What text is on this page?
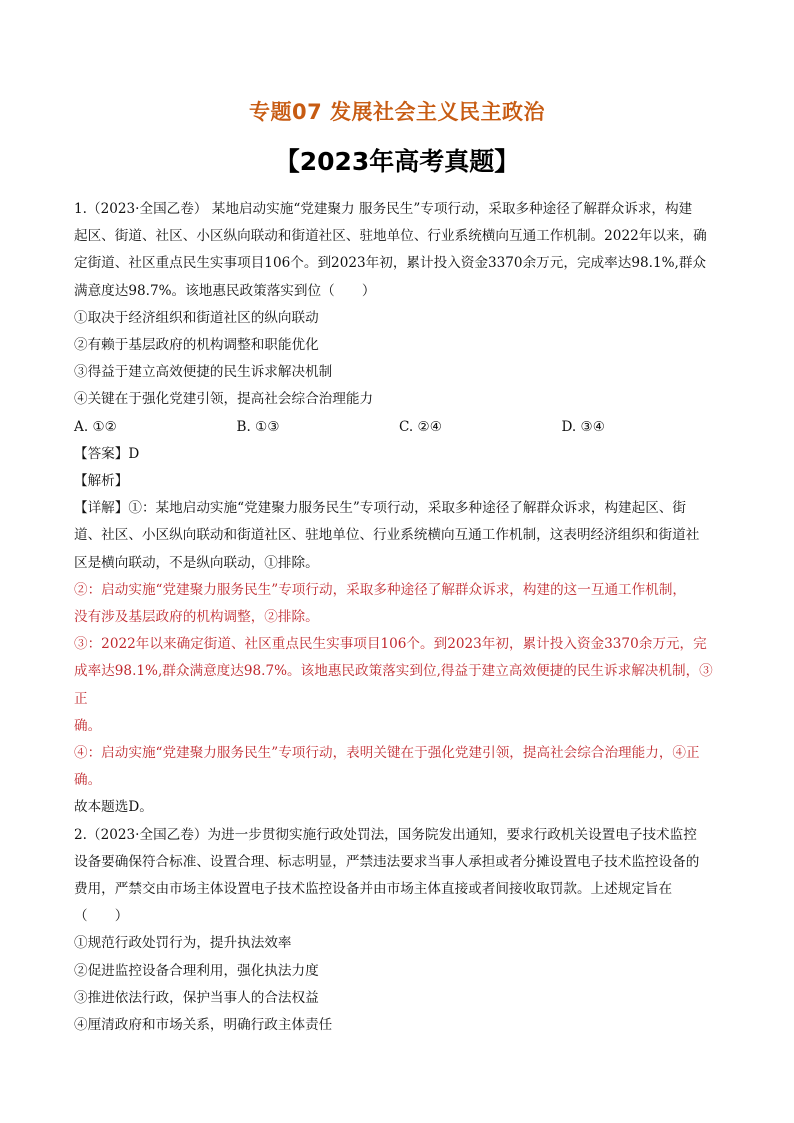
专题07 发展社会主义民主政治
【2023年高考真题】

1.（2023·全国乙卷） 某地启动实施“党建聚力 服务民生”专项行动，采取多种途径了解群众诉求，构建

起区、街道、社区、小区纵向联动和街道社区、驻地单位、行业系统横向互通工作机制。2022年以来，确

定街道、社区重点民生实事项目106个。到2023年初，累计投入资金3370余万元，完成率达98.1%,群众

满意度达98.7%。该地惠民政策落实到位（　　）

①取决于经济组织和街道社区的纵向联动

②有赖于基层政府的机构调整和职能优化

③得益于建立高效便捷的民生诉求解决机制

④关键在于强化党建引领，提高社会综合治理能力

A. ①②	B. ①③	C. ②④	D. ③④

【答案】D

【解析】

【详解】①：某地启动实施“党建聚力服务民生”专项行动，采取多种途径了解群众诉求，构建起区、街

道、社区、小区纵向联动和街道社区、驻地单位、行业系统横向互通工作机制，这表明经济组织和街道社

区是横向联动，不是纵向联动，①排除。

②：启动实施“党建聚力服务民生”专项行动，采取多种途径了解群众诉求，构建的这一互通工作机制，

没有涉及基层政府的机构调整，②排除。

③：2022年以来确定街道、社区重点民生实事项目106个。到2023年初，累计投入资金3370余万元，完

成率达98.1%,群众满意度达98.7%。该地惠民政策落实到位,得益于建立高效便捷的民生诉求解决机制，③正

确。

④：启动实施“党建聚力服务民生”专项行动，表明关键在于强化党建引领，提高社会综合治理能力，④正

确。

故本题选D。

2.（2023·全国乙卷）为进一步贯彻实施行政处罚法，国务院发出通知，要求行政机关设置电子技术监控

设备要确保符合标准、设置合理、标志明显，严禁违法要求当事人承担或者分摊设置电子技术监控设备的

费用，严禁交由市场主体设置电子技术监控设备并由市场主体直接或者间接收取罚款。上述规定旨在

（　　）

①规范行政处罚行为，提升执法效率

②促进监控设备合理利用，强化执法力度

③推进依法行政，保护当事人的合法权益

④厘清政府和市场关系，明确行政主体责任
